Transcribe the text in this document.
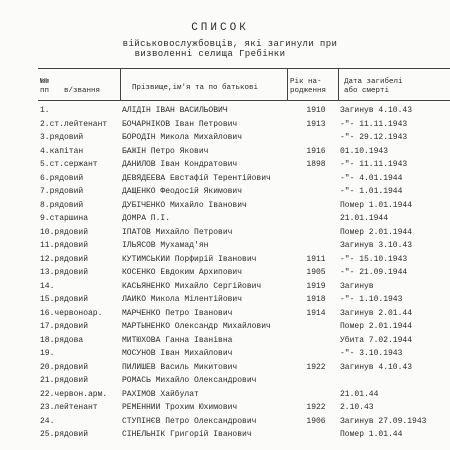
СПИСОК
військовослужбовців, які загинули при
визволенні селища Гребінки
№№
пп в/звання	Прізвище,ім'я та по батькові
Рік на-
родження
Дата загибелі
або смерті
1.	АЛІДІН ІВАН ВАСИЛЬОВИЧ	1910	Загинув 4.10.43
2.ст.лейтенант	БОЧАРНІКОВ Іван Петрович	1913	-"- 11.11.1943
3.рядовий	БОРОДІН Микола Михайлович	-"- 29.12.1943
4.капітан	БАЖІН Петро Якович	1916	01.10.1943
5.ст.сержант	ДАНИЛОВ Іван Кондратович	1898	-"- 11.11.1943
6.рядовий	ДЕВЯДЕЕВА Евстафій Терентійович	-"- 4.01.1944
7.рядовий	ДАЩЕНКО Феодосій Якимович	-"- 1.01.1944
8.рядовий	ДУБІЧЕНКО Михайло Іванович	Помер 1.01.1944
9.старшина	ДОМРА П.І.	21.01.1944
10.рядовий	ІПАТОВ Михайло Петрович	Помер 2.01.1944
11.рядовий	ІЛЬЯСОВ Мухамад'ян	Загинув 3.10.43
12.рядовий	КУТИМСЬКИЙ Порфирій Іванович	1911	-"- 15.10.1943
13.рядовий	КОСЕНКО Евдоким Архипович	1905	-"- 21.09.1944
14.	КАСЬЯНЕНКО Михайло Сергійович	1919	Загинув
15.рядовий	ЛАЙКО Микола Мілентійович	1918	-"- 1.10.1943
16.червоноар.	МАРЧЕНКО Петро Іванович	1914	Загинув 2.01.44
17.рядовий	МАРТЫНЕНКО Олександр Михайлович	Помер 2.01.1944
18.рядова	МИТЮХОВА Ганна Іванівна	Убита 7.02.1944
19.	МОСУНОВ Іван Михайлович	-"- 3.10.1943
20.рядовий	ПИЛИШЕВ Василь Микитович	1922	Загинув 4.10.43
21.рядовий	РОМАСЬ Михайло Олександрович
22.червон.арм.	РАХІМОВ Хайбулат	21.01.44
23.лейтенант	РЕМЕННИЙ Трохим Юхимович	1922	2.10.43
24.	СТУПІНЄВ Петро Олександрович	1906	Загинув 27.09.1943
25.рядовий	СІНЕЛЬНІК Григорій Іванович	Помер 1.01.44
